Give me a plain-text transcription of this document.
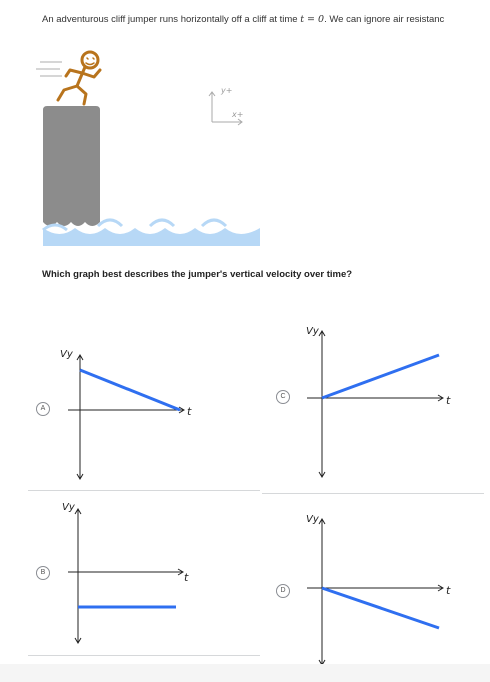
An adventurous cliff jumper runs horizontally off a cliff at time t = 0. We can ignore air resistanc
y+
x+
Which graph best describes the jumper's vertical velocity over time?
A
Vy
t
C
Vy
t
B
Vy
t
D
Vy
t
